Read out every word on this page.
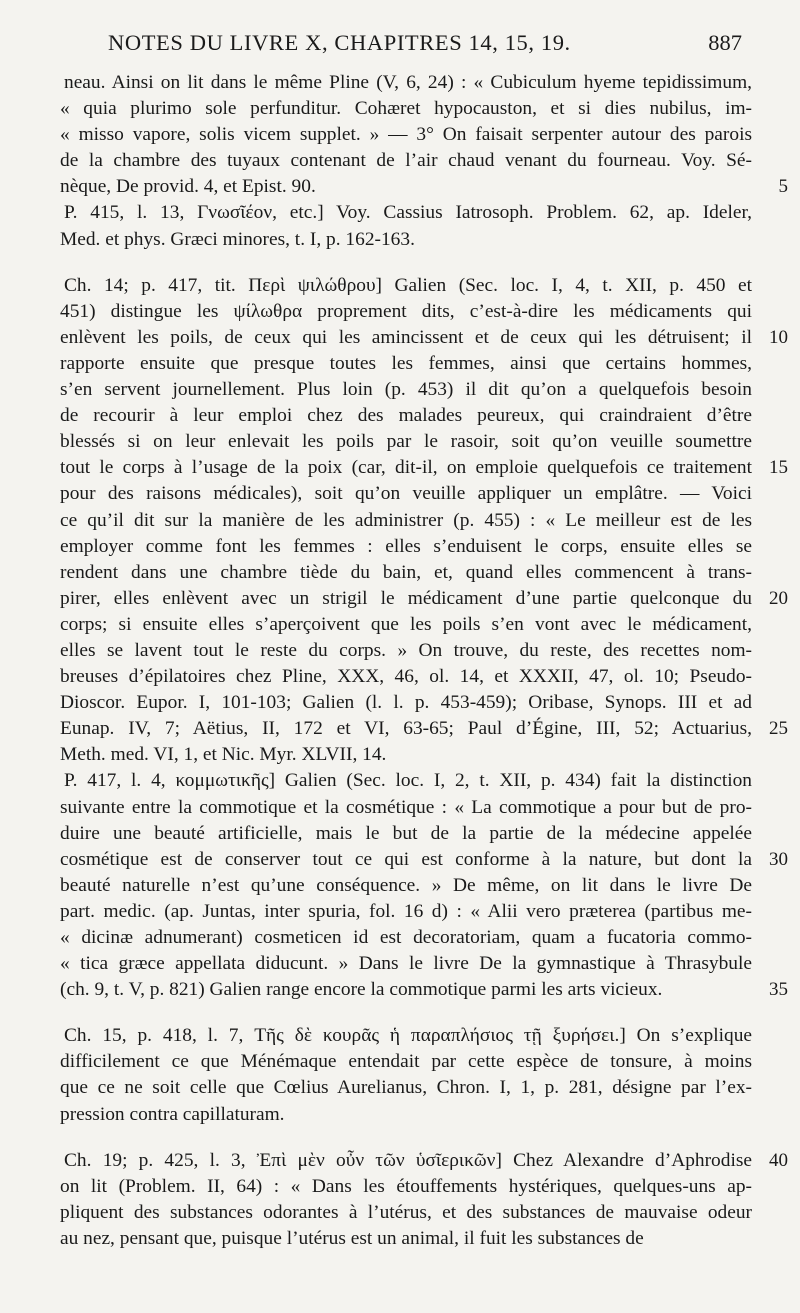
NOTES DU LIVRE X, CHAPITRES 14, 15, 19.	887
neau. Ainsi on lit dans le même Pline (V, 6, 24) : « Cubiculum hyeme tepidissimum,
« quia plurimo sole perfunditur. Cohæret hypocauston, et si dies nubilus, im-
« misso vapore, solis vicem supplet. » — 3° On faisait serpenter autour des parois
de la chambre des tuyaux contenant de l’air chaud venant du fourneau. Voy. Sé-
nèque, De provid. 4, et Epist. 90.	5
P. 415, l. 13, Γνωσῖέον, etc.] Voy. Cassius Iatrosoph. Problem. 62, ap. Ideler,
Med. et phys. Græci minores, t. I, p. 162-163.
Ch. 14; p. 417, tit. Περὶ ψιλώθρου] Galien (Sec. loc. I, 4, t. XII, p. 450 et
451) distingue les ψίλωθρα proprement dits, c’est-à-dire les médicaments qui
enlèvent les poils, de ceux qui les amincissent et de ceux qui les détruisent; il 10
rapporte ensuite que presque toutes les femmes, ainsi que certains hommes,
s’en servent journellement. Plus loin (p. 453) il dit qu’on a quelquefois besoin
de recourir à leur emploi chez des malades peureux, qui craindraient d’être
blessés si on leur enlevait les poils par le rasoir, soit qu’on veuille soumettre
tout le corps à l’usage de la poix (car, dit-il, on emploie quelquefois ce traitement 15
pour des raisons médicales), soit qu’on veuille appliquer un emplâtre. — Voici
ce qu’il dit sur la manière de les administrer (p. 455) : « Le meilleur est de les
employer comme font les femmes : elles s’enduisent le corps, ensuite elles se
rendent dans une chambre tiède du bain, et, quand elles commencent à trans-
pirer, elles enlèvent avec un strigil le médicament d’une partie quelconque du 20
corps; si ensuite elles s’aperçoivent que les poils s’en vont avec le médicament,
elles se lavent tout le reste du corps. » On trouve, du reste, des recettes nom-
breuses d’épilatoires chez Pline, XXX, 46, ol. 14, et XXXII, 47, ol. 10; Pseudo-
Dioscor. Eupor. I, 101-103; Galien (l. l. p. 453-459); Oribase, Synops. III et ad
Eunap. IV, 7; Aëtius, II, 172 et VI, 63-65; Paul d’Égine, III, 52; Actuarius, 25
Meth. med. VI, 1, et Nic. Myr. XLVII, 14.
P. 417, l. 4, κομμωτικῆς] Galien (Sec. loc. I, 2, t. XII, p. 434) fait la distinction
suivante entre la commotique et la cosmétique : « La commotique a pour but de pro-
duire une beauté artificielle, mais le but de la partie de la médecine appelée
cosmétique est de conserver tout ce qui est conforme à la nature, but dont la 30
beauté naturelle n’est qu’une conséquence. » De même, on lit dans le livre De
part. medic. (ap. Juntas, inter spuria, fol. 16 d) : « Alii vero præterea (partibus me-
« dicinæ adnumerant) cosmeticen id est decoratoriam, quam a fucatoria commo-
« tica græce appellata diducunt. » Dans le livre De la gymnastique à Thrasybule
(ch. 9, t. V, p. 821) Galien range encore la commotique parmi les arts vicieux.	35
Ch. 15, p. 418, l. 7, Τῆς δὲ κουρᾶς ἡ παραπλήσιος τῇ ξυρήσει.] On s’explique
difficilement ce que Ménémaque entendait par cette espèce de tonsure, à moins
que ce ne soit celle que Cœlius Aurelianus, Chron. I, 1, p. 281, désigne par l’ex-
pression contra capillaturam.
Ch. 19; p. 425, l. 3, Ἐπὶ μὲν οὖν τῶν ὑσῖερικῶν] Chez Alexandre d’Aphrodise 40
on lit (Problem. II, 64) : « Dans les étouffements hystériques, quelques-uns ap-
pliquent des substances odorantes à l’utérus, et des substances de mauvaise odeur
au nez, pensant que, puisque l’utérus est un animal, il fuit les substances de
